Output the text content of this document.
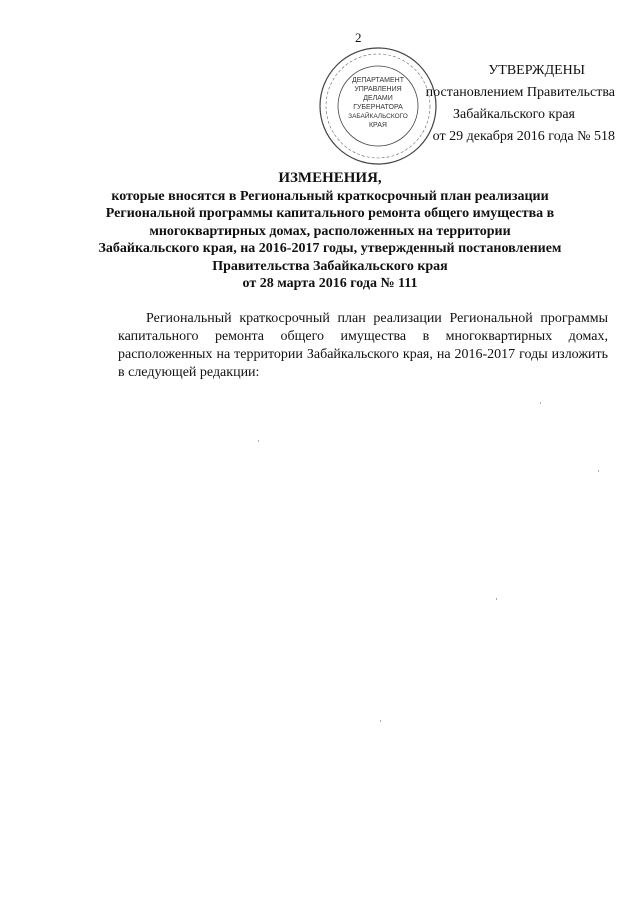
2
ДЕПАРТАМЕНТ
УПРАВЛЕНИЯ
ДЕЛАМИ
ГУБЕРНАТОРА
ЗАБАЙКАЛЬСКОГО
КРАЯ
УТВЕРЖДЕНЫ
постановлением Правительства
Забайкальского края
от 29 декабря 2016 года № 518
ИЗМЕНЕНИЯ,
которые вносятся в Региональный краткосрочный план реализации
Региональной программы капитального ремонта общего имущества в
многоквартирных домах, расположенных на территории
Забайкальского края, на 2016-2017 годы, утвержденный постановлением
Правительства Забайкальского края
от 28 марта 2016 года № 111
Региональный краткосрочный план реализации Региональной программы капитального ремонта общего имущества в многоквартирных домах, расположенных на территории Забайкальского края, на 2016-2017 годы изложить в следующей редакции:
